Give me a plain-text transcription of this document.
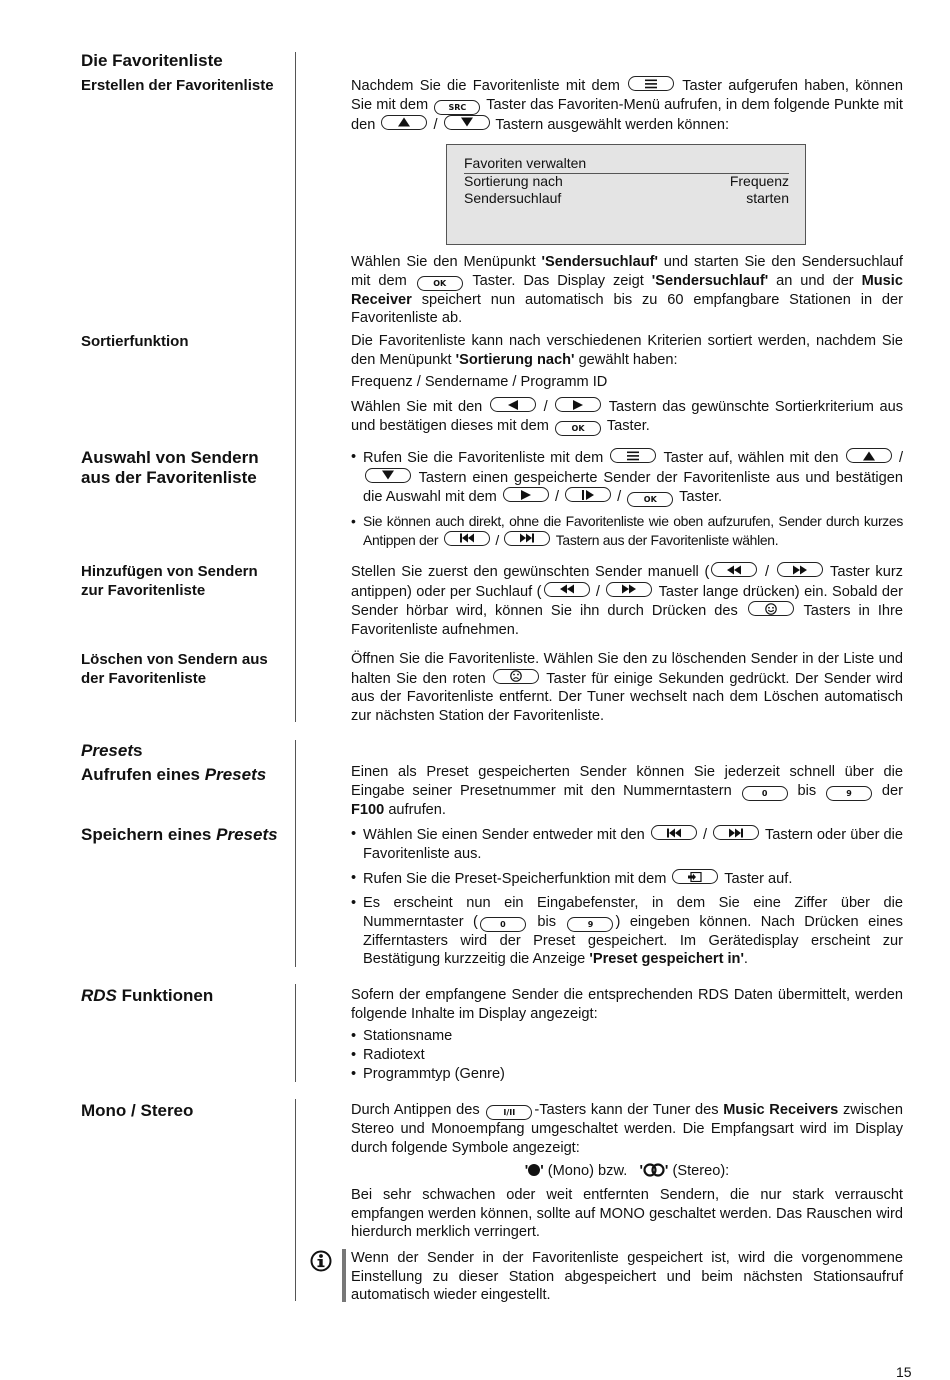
Die Favoritenliste
Erstellen der Favoritenliste
Sortierfunktion
Auswahl von Sendern aus der Favoritenliste
Hinzufügen von Sendern zur Favoritenliste
Löschen von Sendern aus der Favoritenliste
Presets
Aufrufen eines Presets
Speichern eines Presets
RDS Funktionen
Mono / Stereo
Nachdem Sie die Favoritenliste mit dem	Taster aufgerufen haben, können Sie mit dem	SRC Taster das Favoriten-Menü aufrufen, in dem folgende Punkte mit den	/	Tastern ausgewählt werden können:
Favoriten verwalten
Sortierung nach	Frequenz
Sendersuchlauf	starten
Wählen Sie den Menüpunkt 'Sendersuchlauf' und starten Sie den Sendersuchlauf mit dem	OK Taster. Das Display zeigt 'Sendersuchlauf' an und der Music Receiver speichert nun automatisch bis zu 60 empfangbare Stationen in der Favoritenliste ab.
Die Favoritenliste kann nach verschiedenen Kriterien sortiert werden, nachdem Sie den Menüpunkt 'Sortierung nach' gewählt haben:
Frequenz / Sendername / Programm ID
Wählen Sie mit den	/	Tastern das gewünschte Sortierkriterium aus und bestätigen dieses mit dem	OK Taster.
• Rufen Sie die Favoritenliste mit dem	Taster auf, wählen mit den	/
Tastern einen gespeicherte Sender der Favoritenliste aus und bestätigen die Auswahl mit dem	/	/	OK Taster.
• Sie können auch direkt, ohne die Favoritenliste wie oben aufzurufen, Sender durch kurzes Antippen der	/	Tastern aus der Favoritenliste wählen.
Stellen Sie zuerst den gewünschten Sender manuell (	/	Taster kurz antippen) oder per Suchlauf (	/	Taster lange drücken) ein. Sobald der Sender hörbar wird, können Sie ihn durch Drücken des	Tasters in Ihre Favoritenliste aufnehmen.
Öffnen Sie die Favoritenliste. Wählen Sie den zu löschenden Sender in der Liste und halten Sie den roten	Taster für einige Sekunden gedrückt. Der Sender wird aus der Favoritenliste entfernt. Der Tuner wechselt nach dem Löschen automatisch zur nächsten Station der Favoritenliste.
Einen als Preset gespeicherten Sender können Sie jederzeit schnell über die Eingabe seiner Presetnummer mit den Nummerntastern	0 bis	9 der F100 aufrufen.
• Wählen Sie einen Sender entweder mit den	/	Tastern oder über die Favoritenliste aus.
• Rufen Sie die Preset-Speicherfunktion mit dem	Taster auf.
• Es erscheint nun ein Eingabefenster, in dem Sie eine Ziffer über die Nummerntaster (	0 bis	9 ) eingeben können. Nach Drücken eines Zifferntasters wird der Preset gespeichert. Im Gerätedisplay erscheint zur Bestätigung kurzzeitig die Anzeige 'Preset gespeichert in'.
Sofern der empfangene Sender die entsprechenden RDS Daten übermittelt, werden folgende Inhalte im Display angezeigt:
• Stationsname
• Radiotext
• Programmtyp (Genre)
Durch Antippen des	I/II -Tasters kann der Tuner des Music Receivers zwischen Stereo und Monoempfang umgeschaltet werden. Die Empfangsart wird im Display durch folgende Symbole angezeigt:
' ' (Mono) bzw. ' ' (Stereo):
Bei sehr schwachen oder weit entfernten Sendern, die nur stark verrauscht empfangen werden können, sollte auf MONO geschaltet werden. Das Rauschen wird hierdurch merklich verringert.
Wenn der Sender in der Favoritenliste gespeichert ist, wird die vorgenommene Einstellung zu dieser Station abgespeichert und beim nächsten Stationsaufruf automatisch wieder eingestellt.
15
